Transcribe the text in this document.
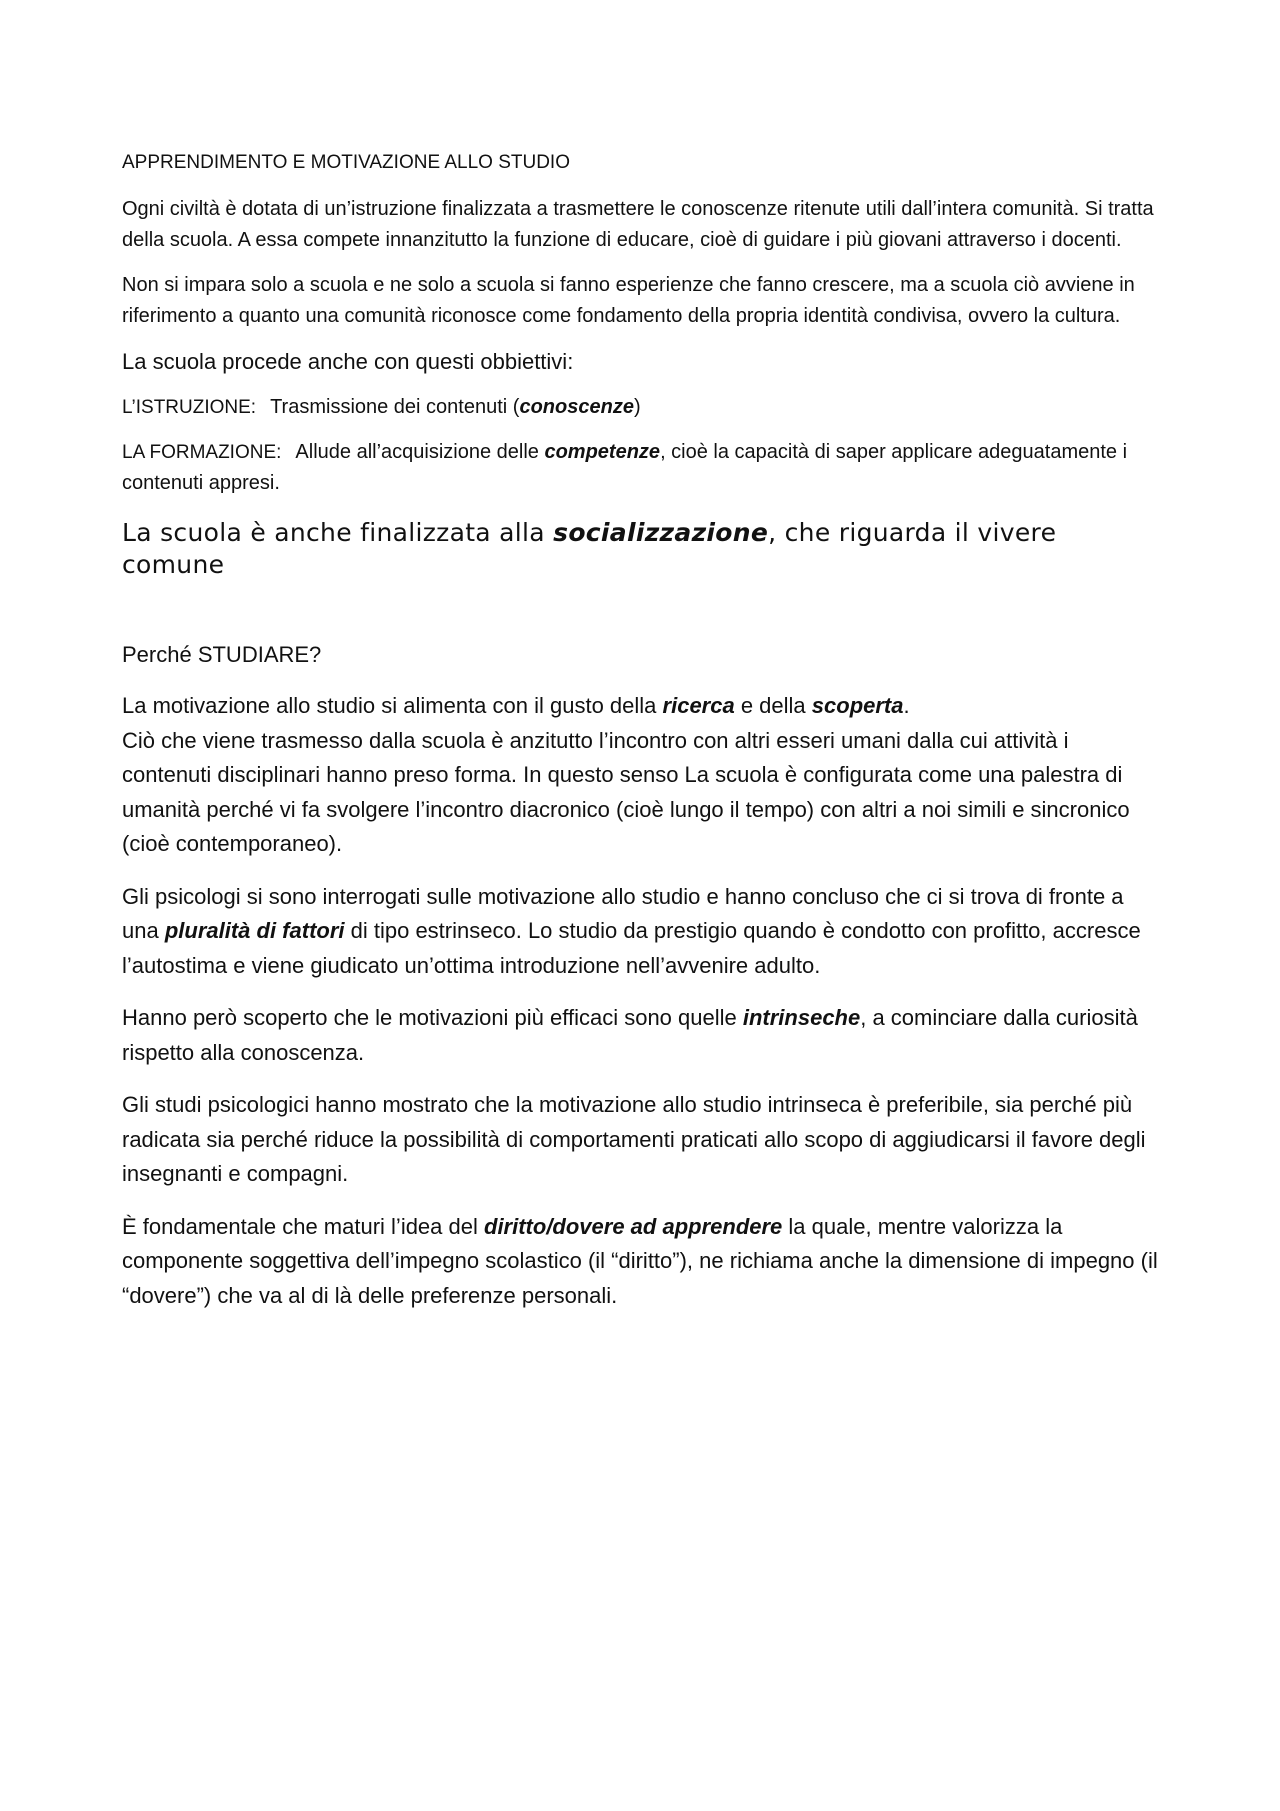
APPRENDIMENTO E MOTIVAZIONE ALLO STUDIO

Ogni civiltà è dotata di un’istruzione finalizzata a trasmettere le conoscenze ritenute utili dall’intera comunità. Si tratta della scuola. A essa compete innanzitutto la funzione di educare, cioè di guidare i più giovani attraverso i docenti.

Non si impara solo a scuola e ne solo a scuola si fanno esperienze che fanno crescere, ma a scuola ciò avviene in riferimento a quanto una comunità riconosce come fondamento della propria identità condivisa, ovvero la cultura.

La scuola procede anche con questi obbiettivi:

L’ISTRUZIONE: Trasmissione dei contenuti (conoscenze)

LA FORMAZIONE: Allude all’acquisizione delle competenze, cioè la capacità di saper applicare adeguatamente i contenuti appresi.

La scuola è anche finalizzata alla socializzazione, che riguarda il vivere comune

Perché STUDIARE?

La motivazione allo studio si alimenta con il gusto della ricerca e della scoperta.

Ciò che viene trasmesso dalla scuola è anzitutto l’incontro con altri esseri umani dalla cui attività i contenuti disciplinari hanno preso forma. In questo senso La scuola è configurata come una palestra di umanità perché vi fa svolgere l’incontro diacronico (cioè lungo il tempo) con altri a noi simili e sincronico (cioè contemporaneo).

Gli psicologi si sono interrogati sulle motivazione allo studio e hanno concluso che ci si trova di fronte a una pluralità di fattori di tipo estrinseco. Lo studio da prestigio quando è condotto con profitto, accresce l’autostima e viene giudicato un’ottima introduzione nell’avvenire adulto.

Hanno però scoperto che le motivazioni più efficaci sono quelle intrinseche, a cominciare dalla curiosità rispetto alla conoscenza.

Gli studi psicologici hanno mostrato che la motivazione allo studio intrinseca è preferibile, sia perché più radicata sia perché riduce la possibilità di comportamenti praticati allo scopo di aggiudicarsi il favore degli insegnanti e compagni.

È fondamentale che maturi l’idea del diritto/dovere ad apprendere la quale, mentre valorizza la componente soggettiva dell’impegno scolastico (il “diritto”), ne richiama anche la dimensione di impegno (il “dovere”) che va al di là delle preferenze personali.
